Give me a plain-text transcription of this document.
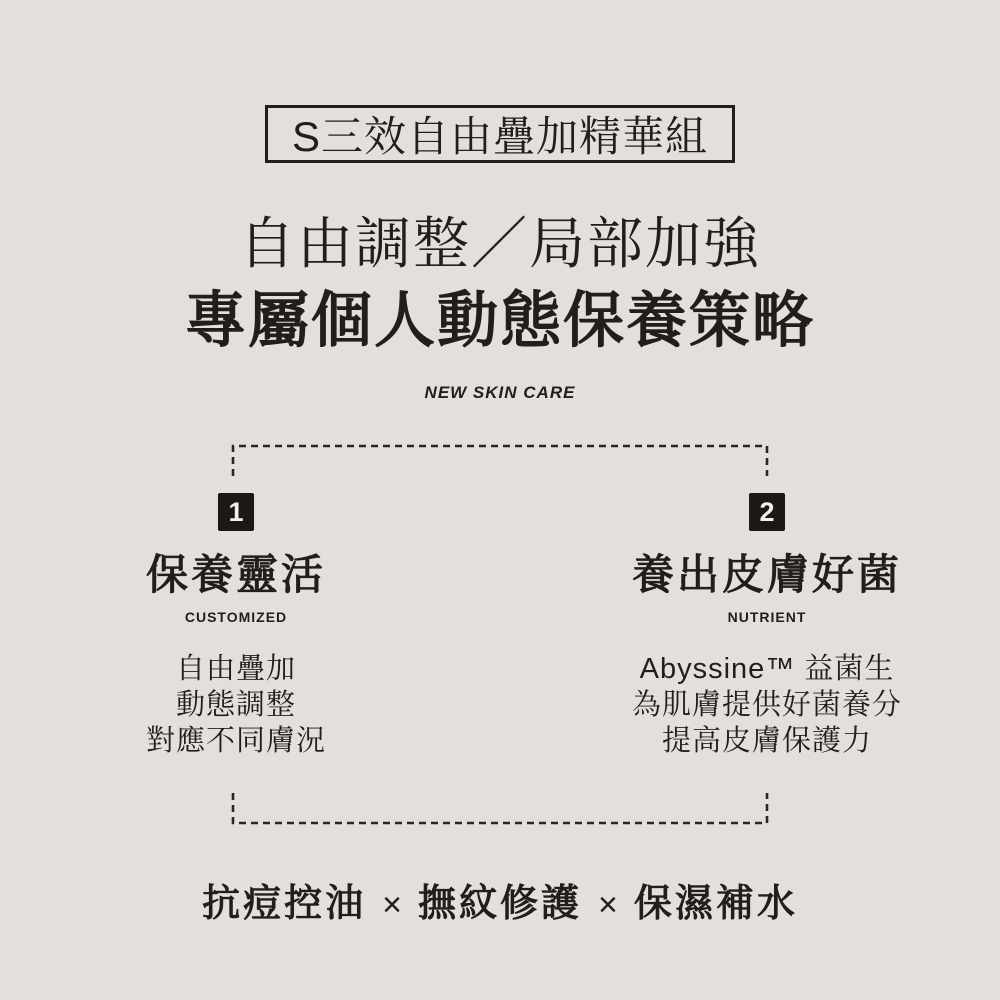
S三效自由疊加精華組
自由調整／局部加強
專屬個人動態保養策略
NEW SKIN CARE
1
保養靈活
CUSTOMIZED
自由疊加
動態調整
對應不同膚況
2
養出皮膚好菌
NUTRIENT
Abyssine™ 益菌生
為肌膚提供好菌養分
提高皮膚保護力
抗痘控油 × 撫紋修護 × 保濕補水
